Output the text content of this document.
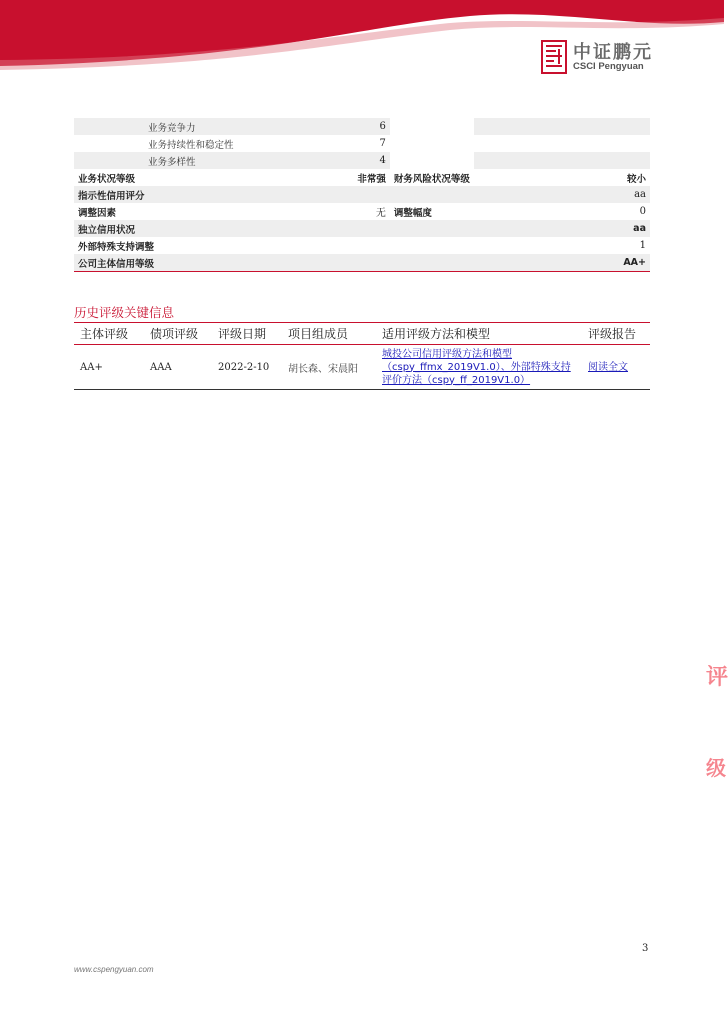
中证鹏元
CSCI Pengyuan
业务竞争力	6		
业务持续性和稳定性	7		
业务多样性	4		
业务状况等级	非常强	财务风险状况等级	较小
指示性信用评分			aa
调整因素	无	调整幅度	0
独立信用状况			aa
外部特殊支持调整			1
公司主体信用等级			AA+
历史评级关键信息
主体评级	债项评级	评级日期	项目组成员	适用评级方法和模型	评级报告
AA+	AAA	2022-2-10	胡长森、宋晨阳	城投公司信用评级方法和模型（cspy_ffmx_2019V1.0）、外部特殊支持评价方法（cspy_ff_2019V1.0）	阅读全文
评
级
3
www.cspengyuan.com
